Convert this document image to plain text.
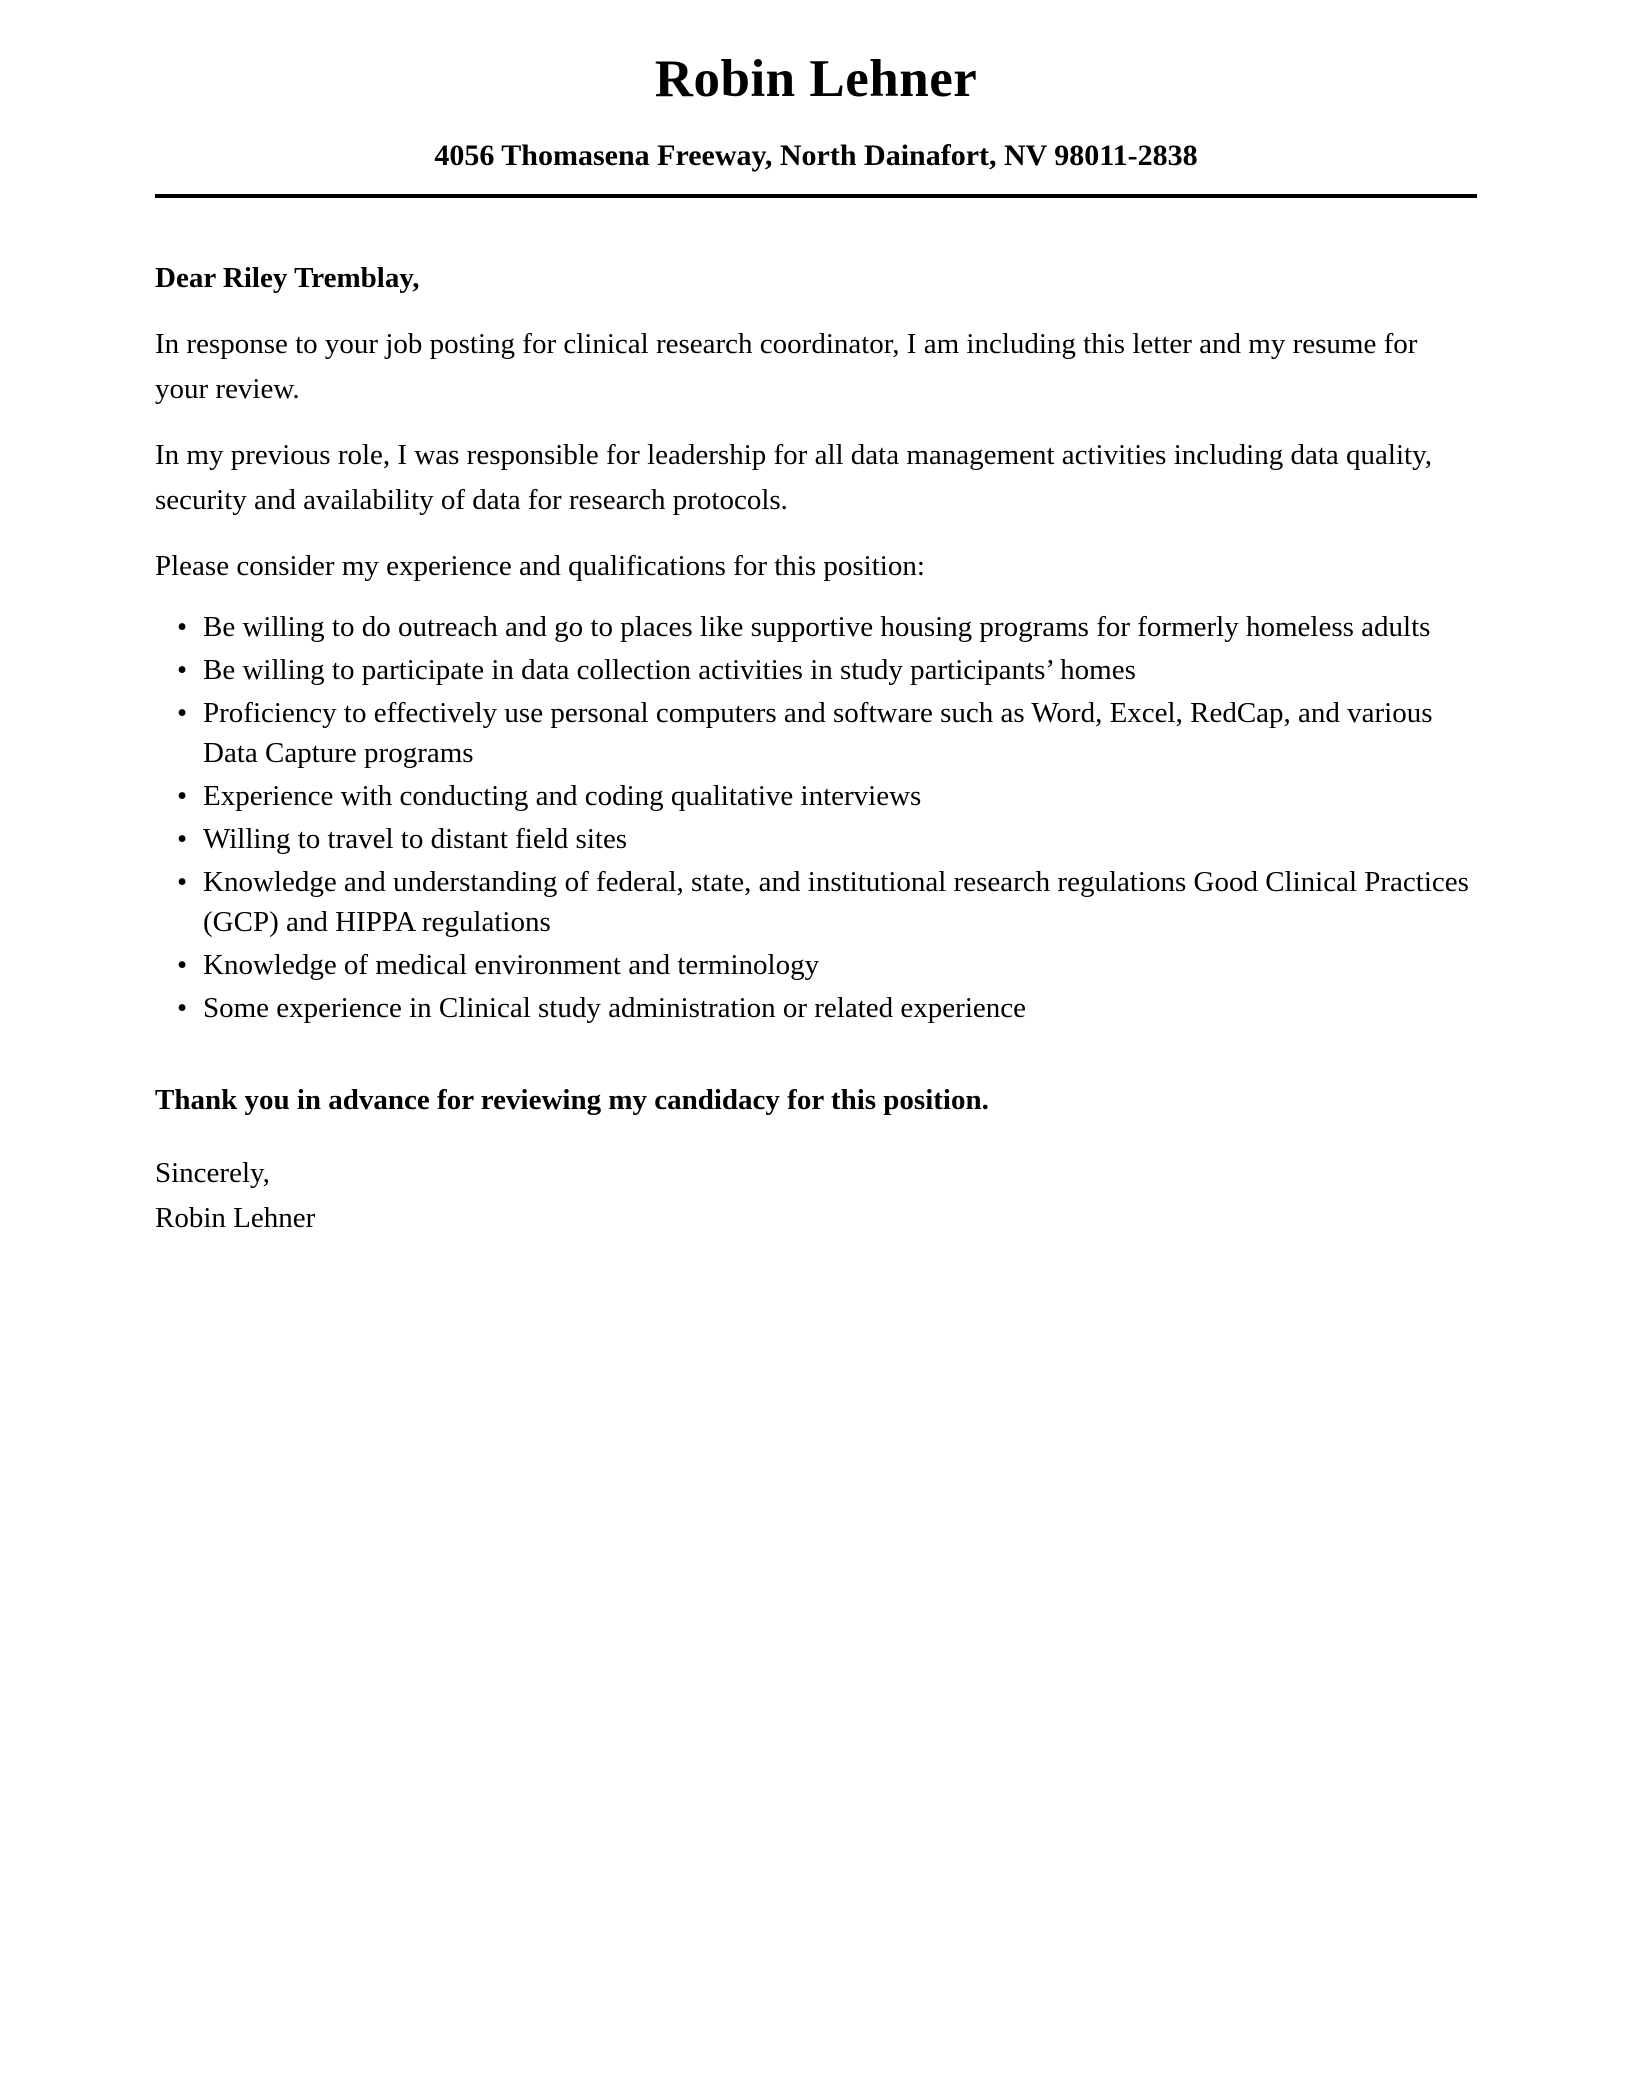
Robin Lehner

4056 Thomasena Freeway, North Dainafort, NV 98011-2838

Dear Riley Tremblay,

In response to your job posting for clinical research coordinator, I am including this letter and my resume for your review.

In my previous role, I was responsible for leadership for all data management activities including data quality, security and availability of data for research protocols.

Please consider my experience and qualifications for this position:

• Be willing to do outreach and go to places like supportive housing programs for formerly homeless adults
• Be willing to participate in data collection activities in study participants’ homes
• Proficiency to effectively use personal computers and software such as Word, Excel, RedCap, and various Data Capture programs
• Experience with conducting and coding qualitative interviews
• Willing to travel to distant field sites
• Knowledge and understanding of federal, state, and institutional research regulations Good Clinical Practices (GCP) and HIPPA regulations
• Knowledge of medical environment and terminology
• Some experience in Clinical study administration or related experience

Thank you in advance for reviewing my candidacy for this position.

Sincerely,

Robin Lehner
